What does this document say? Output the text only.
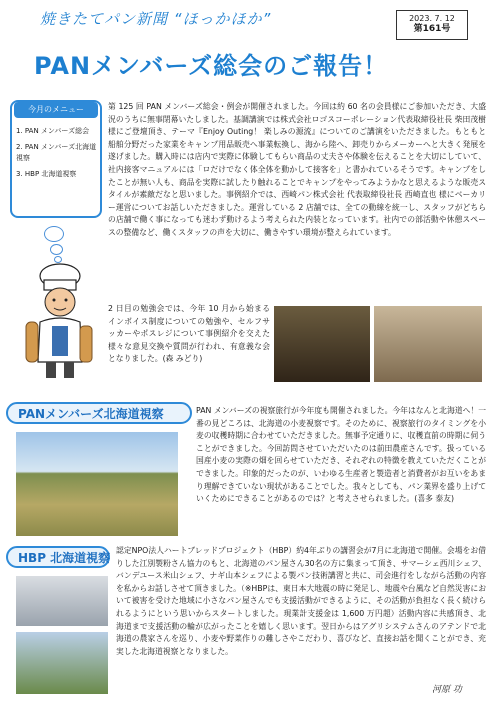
焼きたてパン新聞 “ほっかほか”	2023. 7. 12
第161号
PANメンバーズ総会のご報告！
今月のメニュー
1. PAN メンバーズ総会
2. PAN メンバーズ北海道視察
3. HBP 北海道視察
第 125 回 PAN メンバーズ総会・例会が開催されました。今回は約 60 名の会員様にご参加いただき、大盛況のうちに無事閉幕いたしました。基調講演では株式会社ロゴスコーポレーション代表取締役社長 柴田茂樹 様にご登壇頂き、テーマ『Enjoy Outing！ 楽しみの源流』についてのご講演をいただきました。もともと船舶分野だった家業をキャンプ用品販売へ事業転換し、海から陸へ、卸売りからメーカーへと大きく発展を遂げました。購入時には店内で実際に体験してもらい商品の丈夫さや体験を伝えることを大切にしていて、社内接客マニュアルには「ロだけでなく体全体を動かして接客を」と書かれているそうです。キャンプをしたことが無い人も、商品を実際に試したり触れることでキャンプをやってみようかなと思えるような販売スタイルが素敵だなと思いました。事例紹介では、西崎パン株式会社 代表取締役社長 西崎直也 様にベーカリー運営についてお話しいただきました。運営している 2 店舗では、全ての動線を統一し、スタッフがどちらの店舗で働く事になっても迷わず動けるよう考えられた内装となっています。社内での部活動や休憩スペースの整備など、働くスタッフの声を大切に、働きやすい環境が整えられています。
2 日目の勉強会では、今年 10 月から始まるインボイス制度についての勉強や、セルフサッカーやポスレジについて事例紹介を交えた様々な意見交換や質問が行われ、有意義な会となりました。(森 みどり)
PANメンバーズ北海道視察	PAN メンバーズの視察旅行が今年度も開催されました。今年はなんと北海道へ！一番の見どころは、北海道の小麦視察です。そのために、視察旅行のタイミングを小麦の収穫時期に合わせていただきました。無事予定通りに、収穫直前の時期に伺うことができました。今回訪問させていただいたのは前田農産さんです。扱っている国産小麦の実際の畑を回らせていただき、それぞれの特徴を教えていただくことができました。印象的だったのが、いわゆる生産者と製造者と消費者がお互いをあまり理解できていない現状があることでした。我々としても、パン業界を盛り上げていくためにできることがあるのでは？と考えさせられました。(喜多 泰友)
HBP 北海道視察
認定NPO法人ハートブレッドプロジェクト（HBP）約4年ぶりの講習会が7月に北海道で開催。会場をお借りした江別製粉さん協力のもと、北海道のパン屋さん30名の方に集まって頂き、サマーシェ西川シェフ、バンデユース米山シェフ、ナギ山本シェフによる製パン技術講習と共に、司会進行をしながら活動の内容を私からお話しさせて頂きました。（※HBPは、東日本大地震の時に発足し、地震や台風など自然災害において被害を受けた地域に小さなパン屋さんでも支援活動ができるように、その活動が負担なく長く続けられるようにという思いからスタートしました。現業計支援金は 1,600 万円超）活動内容に共感頂き、北海道まで支援活動の輪が広がったことを嬉しく思います。翌日からはアグリシステムさんのアテンドで北海道の農家さんを巡り、小麦や野菜作りの難しさやこだわり、喜びなど、直接お話を聞くことができ、充実した北海道視察となりました。
河原 功
